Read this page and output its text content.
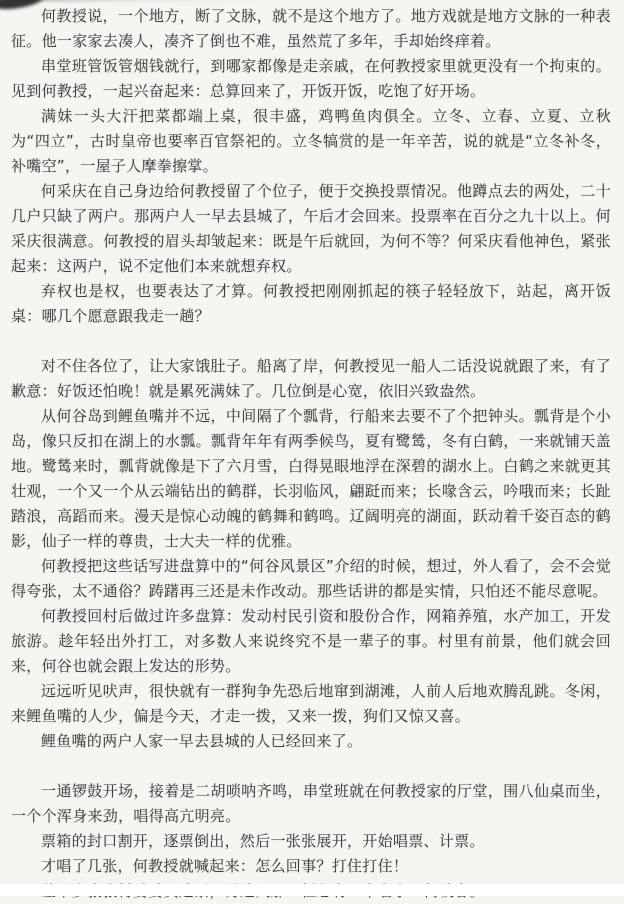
何教授说，一个地方，断了文脉，就不是这个地方了。地方戏就是地方文脉的一种表征。他一家家去凑人，凑齐了倒也不难，虽然荒了多年，手却始终痒着。

串堂班管饭管烟钱就行，到哪家都像是走亲戚，在何教授家里就更没有一个拘束的。见到何教授，一起兴奋起来：总算回来了，开饭开饭，吃饱了好开场。

满妹一头大汗把菜都端上桌，很丰盛，鸡鸭鱼肉俱全。立冬、立春、立夏、立秋为“四立”，古时皇帝也要率百官祭祀的。立冬犒赏的是一年辛苦，说的就是“立冬补冬，补嘴空”，一屋子人摩拳擦掌。

何采庆在自己身边给何教授留了个位子，便于交换投票情况。他蹲点去的两处，二十几户只缺了两户。那两户人一早去县城了，午后才会回来。投票率在百分之九十以上。何采庆很满意。何教授的眉头却皱起来：既是午后就回，为何不等？何采庆看他神色，紧张起来：这两户，说不定他们本来就想弃权。

弃权也是权，也要表达了才算。何教授把刚刚抓起的筷子轻轻放下，站起，离开饭桌：哪几个愿意跟我走一趟？

对不住各位了，让大家饿肚子。船离了岸，何教授见一船人二话没说就跟了来，有了歉意：好饭还怕晚！就是累死满妹了。几位倒是心宽，依旧兴致盎然。

从何谷岛到鲤鱼嘴并不远，中间隔了个瓢背，行船来去要不了个把钟头。瓢背是个小岛，像只反扣在湖上的水瓢。瓢背年年有两季候鸟，夏有鹭鸶，冬有白鹤，一来就铺天盖地。鹭鸶来时，瓢背就像是下了六月雪，白得晃眼地浮在深碧的湖水上。白鹤之来就更其壮观，一个又一个从云端钻出的鹤群，长羽临风，翩跹而来；长喙含云，吟哦而来；长趾踏浪，高蹈而来。漫天是惊心动魄的鹤舞和鹤鸣。辽阔明亮的湖面，跃动着千姿百态的鹤影，仙子一样的尊贵，士大夫一样的优雅。

何教授把这些话写进盘算中的“何谷风景区”介绍的时候，想过，外人看了，会不会觉得夸张，太不通俗？踌躇再三还是未作改动。那些话讲的都是实情，只怕还不能尽意呢。

何教授回村后做过许多盘算：发动村民引资和股份合作，网箱养殖，水产加工，开发旅游。趁年轻出外打工，对多数人来说终究不是一辈子的事。村里有前景，他们就会回来，何谷也就会跟上发达的形势。

远远听见吠声，很快就有一群狗争先恐后地窜到湖滩，人前人后地欢腾乱跳。冬闲，来鲤鱼嘴的人少，偏是今天，才走一拨，又来一拨，狗们又惊又喜。

鲤鱼嘴的两户人家一早去县城的人已经回来了。

一通锣鼓开场，接着是二胡唢呐齐鸣，串堂班就在何教授家的厅堂，围八仙桌而坐，一个个浑身来劲，唱得高亢明亮。

票箱的封口割开，逐票倒出，然后一张张展开，开始唱票、计票。

才唱了几张，何教授就喊起来：怎么回事？打住打住！
